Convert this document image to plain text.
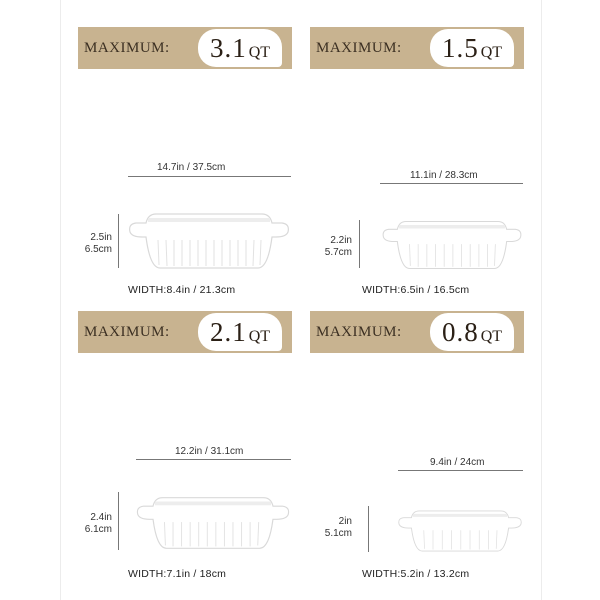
MAXIMUM:	3.1 QT
14.7in / 37.5cm
2.5in
6.5cm
WIDTH:8.4in / 21.3cm
MAXIMUM:	1.5 QT
11.1in / 28.3cm
2.2in
5.7cm
WIDTH:6.5in / 16.5cm
MAXIMUM:	2.1 QT
12.2in / 31.1cm
2.4in
6.1cm
WIDTH:7.1in / 18cm
MAXIMUM:	0.8 QT
9.4in / 24cm
2in
5.1cm
WIDTH:5.2in / 13.2cm
